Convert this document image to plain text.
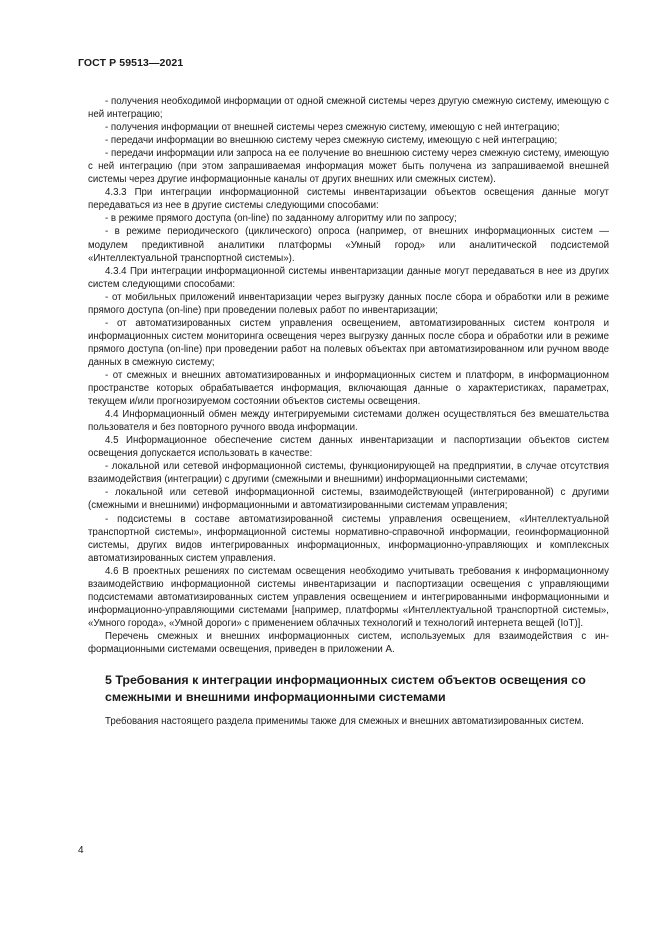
ГОСТ Р 59513—2021

- получения необходимой информации от одной смежной системы через другую смежную систему, имеющую с ней интеграцию;

- получения информации от внешней системы через смежную систему, имеющую с ней интеграцию;

- передачи информации во внешнюю систему через смежную систему, имеющую с ней интеграцию;

- передачи информации или запроса на ее получение во внешнюю систему через смежную систему, имеющую с ней интеграцию (при этом запрашиваемая информация может быть получена из запрашиваемой внешней системы через другие информационные каналы от других внешних или смежных систем).

4.3.3 При интеграции информационной системы инвентаризации объектов освещения данные могут передаваться из нее в другие системы следующими способами:

- в режиме прямого доступа (on-line) по заданному алгоритму или по запросу;

- в режиме периодического (циклического) опроса (например, от внешних информационных систем — модулем предиктивной аналитики платформы «Умный город» или аналитической подсистемой «Интеллектуальной транспортной системы»).

4.3.4 При интеграции информационной системы инвентаризации данные могут передаваться в нее из других систем следующими способами:

- от мобильных приложений инвентаризации через выгрузку данных после сбора и обработки или в режиме прямого доступа (on-line) при проведении полевых работ по инвентаризации;

- от автоматизированных систем управления освещением, автоматизированных систем контроля и информационных систем мониторинга освещения через выгрузку данных после сбора и обработки или в режиме прямого доступа (on-line) при проведении работ на полевых объектах при автоматизированном или ручном вводе данных в смежную систему;

- от смежных и внешних автоматизированных и информационных систем и платформ, в информационном пространстве которых обрабатывается информация, включающая данные о характеристиках, параметрах, текущем и/или прогнозируемом состоянии объектов системы освещения.

4.4 Информационный обмен между интегрируемыми системами должен осуществляться без вмешательства пользователя и без повторного ручного ввода информации.

4.5 Информационное обеспечение систем данных инвентаризации и паспортизации объектов систем освещения допускается использовать в качестве:

- локальной или сетевой информационной системы, функционирующей на предприятии, в случае отсутствия взаимодействия (интеграции) с другими (смежными и внешними) информационными системами;

- локальной или сетевой информационной системы, взаимодействующей (интегрированной) с другими (смежными и внешними) информационными и автоматизированными системам управления;

- подсистемы в составе автоматизированной системы управления освещением, «Интеллектуальной транспортной системы», информационной системы нормативно-справочной информации, геоинформационной системы, других видов интегрированных информационных, информационно-управляющих и комплексных автоматизированных систем управления.

4.6 В проектных решениях по системам освещения необходимо учитывать требования к информационному взаимодействию информационной системы инвентаризации и паспортизации освещения с управляющими подсистемами автоматизированных систем управления освещением и интегрированными информационными и информационно-управляющими системами [например, платформы «Интеллектуальной транспортной системы», «Умного города», «Умной дороги» с применением облачных технологий и технологий интернета вещей (IoT)].

Перечень смежных и внешних информационных систем, используемых для взаимодействия с информационными системами освещения, приведен в приложении А.

5 Требования к интеграции информационных систем объектов освещения со смежными и внешними информационными системами

Требования настоящего раздела применимы также для смежных и внешних автоматизированных систем.

4
